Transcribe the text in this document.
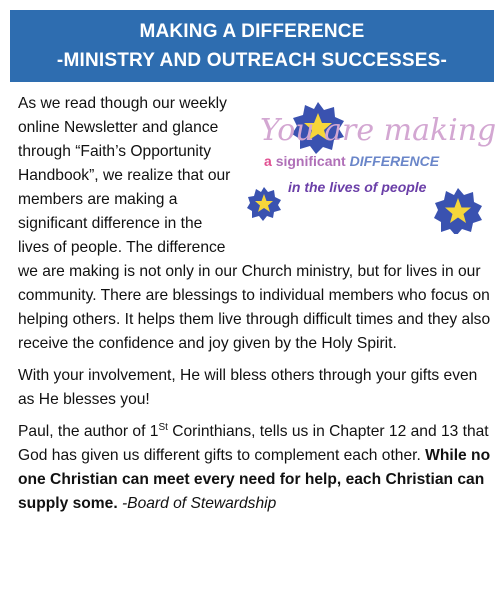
MAKING A DIFFERENCE
-MINISTRY AND OUTREACH SUCCESSES-

You are making
a significant DIFFERENCE
in the lives of people
As we read though our weekly online Newsletter and glance through “Faith’s Opportunity Handbook”, we realize that our members are making a significant difference in the lives of people. The difference we are making is not only in our Church ministry, but for lives in our community. There are blessings to individual members who focus on helping others. It helps them live through difficult times and they also receive the confidence and joy given by the Holy Spirit.

With your involvement, He will bless others through your gifts even as He blesses you!

Paul, the author of 1St Corinthians, tells us in Chapter 12 and 13 that God has given us different gifts to complement each other. While no one Christian can meet every need for help, each Christian can supply some. -Board of Stewardship
